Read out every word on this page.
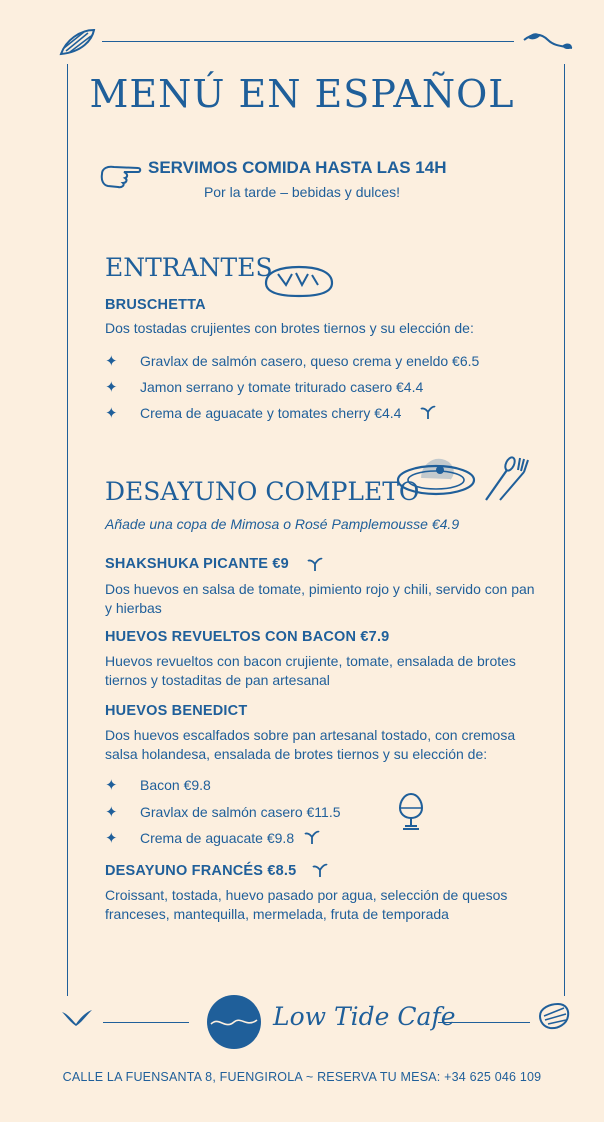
MENÚ EN ESPAÑOL
SERVIMOS COMIDA HASTA LAS 14H
Por la tarde – bebidas y dulces!
ENTRANTES
BRUSCHETTA
Dos tostadas crujientes con brotes tiernos y su elección de:
✦ Gravlax de salmón casero, queso crema y eneldo €6.5
✦ Jamon serrano y tomate triturado casero €4.4
✦ Crema de aguacate y tomates cherry €4.4
DESAYUNO COMPLETO
Añade una copa de Mimosa o Rosé Pamplemousse €4.9
SHAKSHUKA PICANTE €9
Dos huevos en salsa de tomate, pimiento rojo y chili, servido con pan y hierbas
HUEVOS REVUELTOS CON BACON €7.9
Huevos revueltos con bacon crujiente, tomate, ensalada de brotes tiernos y tostaditas de pan artesanal
HUEVOS BENEDICT
Dos huevos escalfados sobre pan artesanal tostado, con cremosa salsa holandesa, ensalada de brotes tiernos y su elección de:
✦ Bacon €9.8
✦ Gravlax de salmón casero €11.5
✦ Crema de aguacate €9.8
DESAYUNO FRANCÉS €8.5
Croissant, tostada, huevo pasado por agua, selección de quesos franceses, mantequilla, mermelada, fruta de temporada
Low Tide Cafe
CALLE LA FUENSANTA 8, FUENGIROLA ~ RESERVA TU MESA: +34 625 046 109
